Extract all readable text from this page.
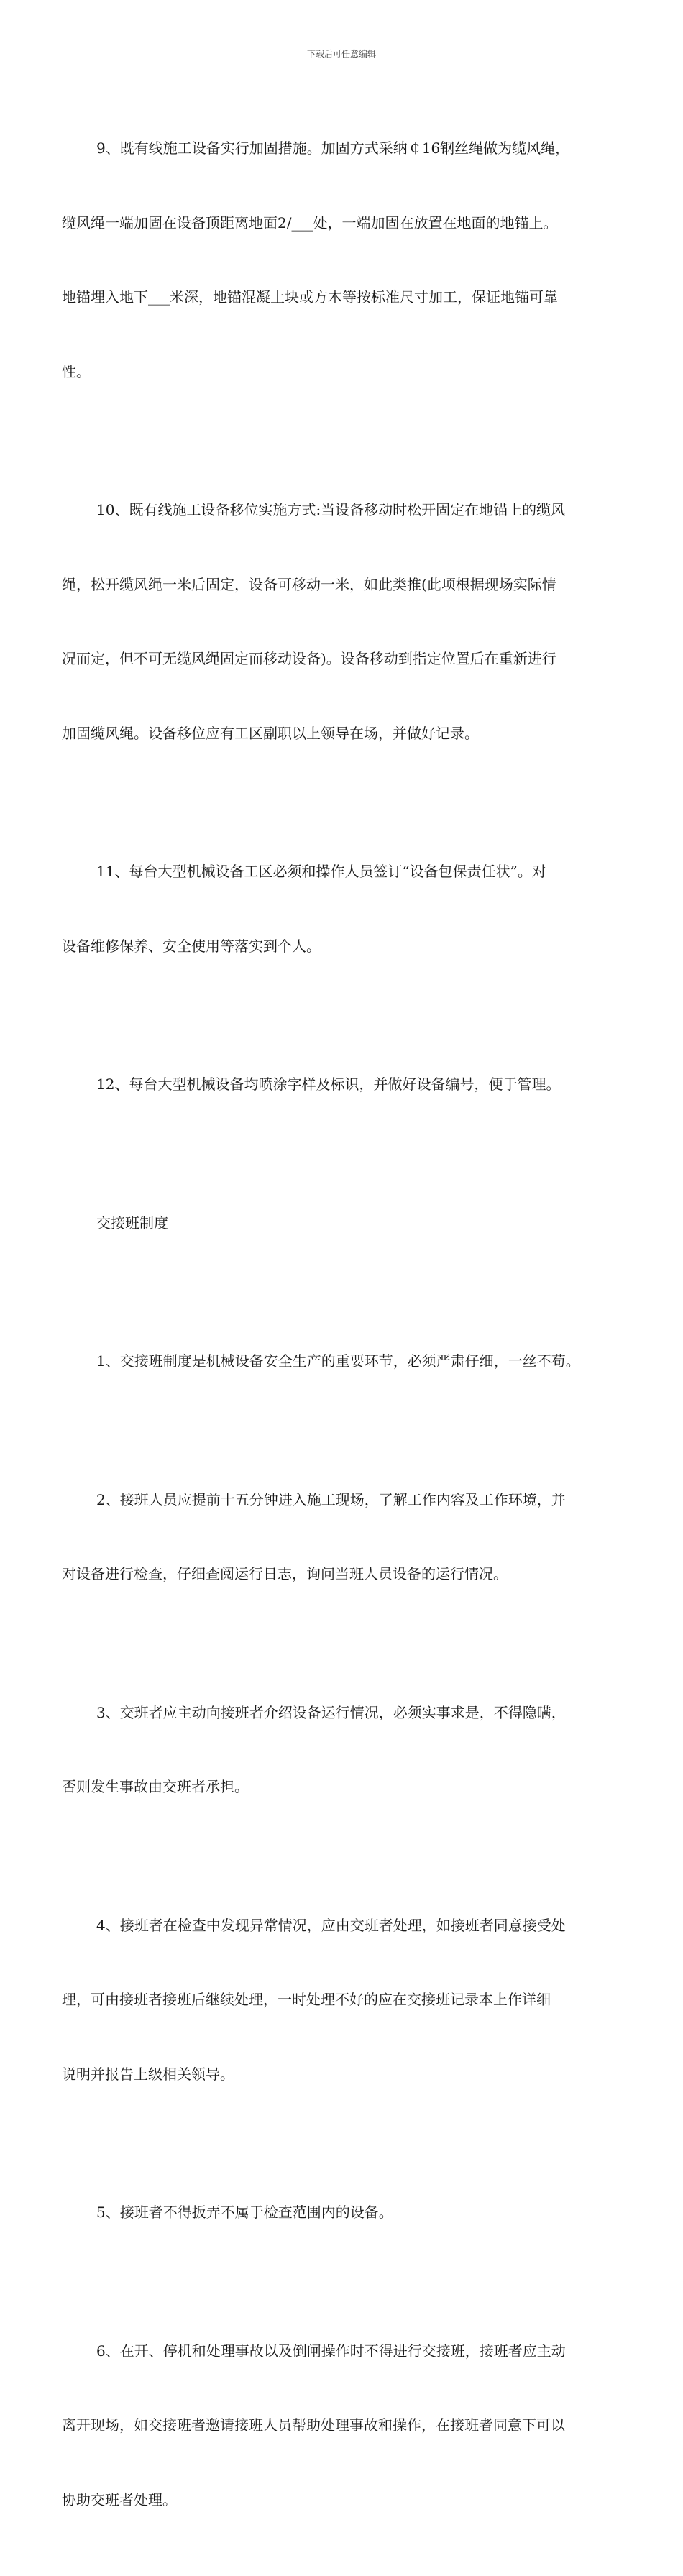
下载后可任意编辑

9、既有线施工设备实行加固措施。加固方式采纳￠16钢丝绳做为缆风绳，

缆风绳一端加固在设备顶距离地面2/___处，一端加固在放置在地面的地锚上。

地锚埋入地下___米深，地锚混凝土块或方木等按标准尺寸加工，保证地锚可靠

性。

10、既有线施工设备移位实施方式:当设备移动时松开固定在地锚上的缆风

绳，松开缆风绳一米后固定，设备可移动一米，如此类推(此项根据现场实际情

况而定，但不可无缆风绳固定而移动设备)。设备移动到指定位置后在重新进行

加固缆风绳。设备移位应有工区副职以上领导在场，并做好记录。

11、每台大型机械设备工区必须和操作人员签订“设备包保责任状”。对

设备维修保养、安全使用等落实到个人。

12、每台大型机械设备均喷涂字样及标识，并做好设备编号，便于管理。

交接班制度

1、交接班制度是机械设备安全生产的重要环节，必须严肃仔细，一丝不苟。

2、接班人员应提前十五分钟进入施工现场，了解工作内容及工作环境，并

对设备进行检查，仔细查阅运行日志，询问当班人员设备的运行情况。

3、交班者应主动向接班者介绍设备运行情况，必须实事求是，不得隐瞒，

否则发生事故由交班者承担。

4、接班者在检查中发现异常情况，应由交班者处理，如接班者同意接受处

理，可由接班者接班后继续处理，一时处理不好的应在交接班记录本上作详细

说明并报告上级相关领导。

5、接班者不得扳弄不属于检查范围内的设备。

6、在开、停机和处理事故以及倒闸操作时不得进行交接班，接班者应主动

离开现场，如交接班者邀请接班人员帮助处理事故和操作，在接班者同意下可以

协助交班者处理。
